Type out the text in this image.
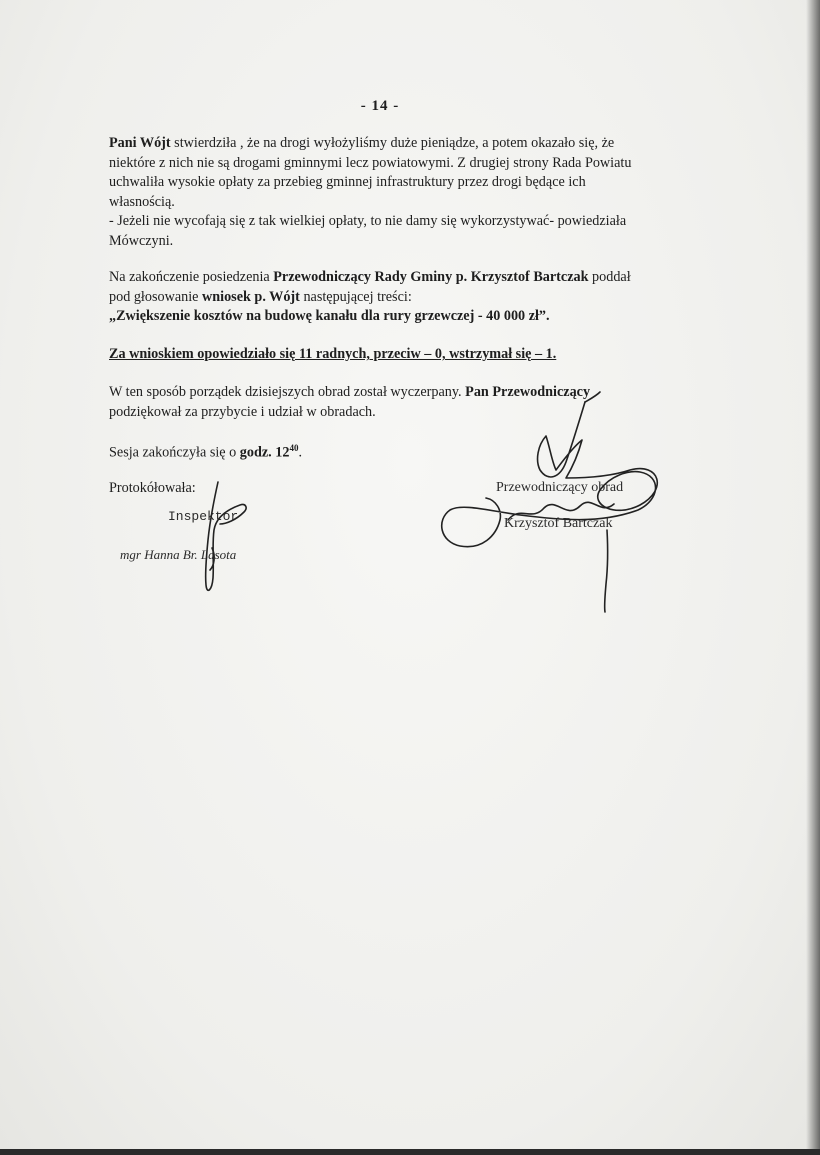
- 14 -
Pani Wójt stwierdziła , że na drogi wyłożyliśmy duże pieniądze, a potem okazało się, że
niektóre z nich nie są drogami gminnymi lecz powiatowymi. Z drugiej strony Rada Powiatu
uchwaliła wysokie opłaty za przebieg gminnej infrastruktury przez drogi będące ich
własnością.
- Jeżeli nie wycofają się z tak wielkiej opłaty, to nie damy się wykorzystywać- powiedziała
Mówczyni.
Na zakończenie posiedzenia Przewodniczący Rady Gminy p. Krzysztof Bartczak poddał
pod głosowanie wniosek p. Wójt następującej treści:
„Zwiększenie kosztów na budowę kanału dla rury grzewczej - 40 000 zł”.
Za wnioskiem opowiedziało się 11 radnych, przeciw – 0, wstrzymał się – 1.
W ten sposób porządek dzisiejszych obrad został wyczerpany. Pan Przewodniczący
podziękował za przybycie i udział w obradach.
Sesja zakończyła się o godz. $12^{40}$.
Protokółowała:
Inspektor
mgr Hanna Br. Lasota
Przewodniczący obrad
Krzysztof Bartczak
